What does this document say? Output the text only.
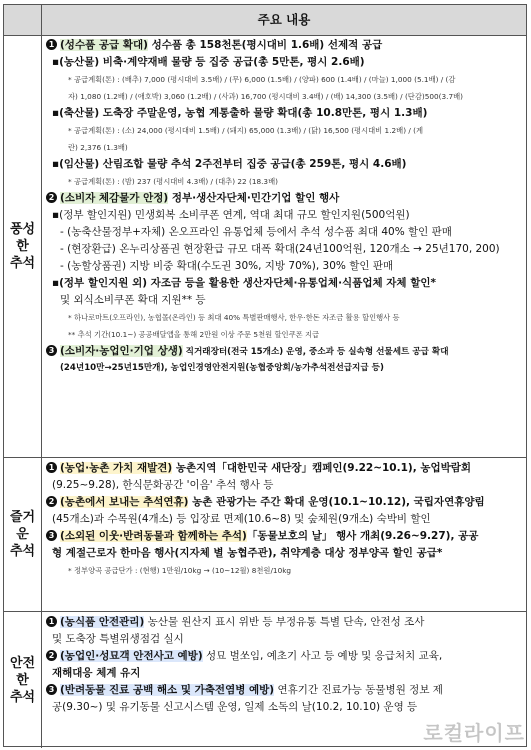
주요 내용
풍성
한
추석
1 (성수품 공급 확대) 성수품 총 158천톤(평시대비 1.6배) 선제적 공급
▪(농산물) 비축·계약재배 물량 등 집중 공급(총 5만톤, 평시 2.6배)
* 공급계획(톤) : (배추) 7,000 (평시대비 3.5배) / (무) 6,000 (1.5배) / (양파) 600 (1.4배) / (마늘) 1,000 (5.1배) / (감
자) 1,080 (1.2배) / (애호박) 3,060 (1.2배) / (사과) 16,700 (평시대비 3.4배) / (배) 14,300 (3.5배) / (단감)500(3.7배)
▪(축산물) 도축장 주말운영, 농협 계통출하 물량 확대(총 10.8만톤, 평시 1.3배)
* 공급계획(톤) : (소) 24,000 (평시대비 1.5배) / (돼지) 65,000 (1.3배) / (닭) 16,500 (평시대비 1.2배) / (계
란) 2,376 (1.3배)
▪(임산물) 산림조합 물량 추석 2주전부터 집중 공급(총 259톤, 평시 4.6배)
* 공급계획(톤) : (밤) 237 (평시대비 4.3배) / (대추) 22 (18.3배)
2 (소비자 체감물가 안정) 정부·생산자단체·민간기업 할인 행사
▪(정부 할인지원) 민생회복 소비쿠폰 연계, 역대 최대 규모 할인지원(500억원)
- (농축산물정부+자체) 온오프라인 유통업체 등에서 추석 성수품 최대 40% 할인 판매
- (현장환급) 온누리상품권 현장환급 규모 대폭 확대(24년100억원, 120개소 → 25년170, 200)
- (농할상품권) 지방 비중 확대(수도권 30%, 지방 70%), 30% 할인 판매
▪(정부 할인지원 외) 자조금 등을 활용한 생산자단체·유통업체·식품업체 자체 할인*
및 외식소비쿠폰 확대 지원** 등
* 하나로마트(오프라인), 농협몰(온라인) 등 최대 40% 특별판매행사, 한우·한돈 자조금 활용 할인행사 등
** 추석 기간(10.1~) 공공배달앱을 통해 2만원 이상 주문 5천원 할인쿠폰 지급
3 (소비자·농업인·기업 상생) 직거래장터(전국 15개소) 운영, 중소과 등 실속형 선물세트 공급 확대
(24년10만→25년15만개), 농업인경영안전지원(농협중앙회/농가추석전선급지급 등)
즐거
운
추석
1 (농업·농촌 가치 재발견) 농촌지역「대한민국 새단장」캠페인(9.22~10.1), 농업박람회
(9.25~9.28), 한식문화공간 '이음' 추석 행사 등
2 (농촌에서 보내는 추석연휴) 농촌 관광가는 주간 확대 운영(10.1~10.12), 국립자연휴양림
(45개소)과 수목원(4개소) 등 입장료 면제(10.6~8) 및 숲체원(9개소) 숙박비 할인
3 (소외된 이웃·반려동물과 함께하는 추석)「동물보호의 날」 행사 개최(9.26~9.27), 공공
형 계절근로자 한마음 행사(지자체 별 농협주관), 취약계층 대상 정부양곡 할인 공급*
* 정부양곡 공급단가 : (현행) 1만원/10kg → (10~12월) 8천원/10kg
안전
한
추석
1 (농식품 안전관리) 농산물 원산지 표시 위반 등 부정유통 특별 단속, 안전성 조사
및 도축장 특별위생점검 실시
2 (농업인·성묘객 안전사고 예방) 성묘 벌쏘임, 예초기 사고 등 예방 및 응급처치 교육,
재해대응 체계 유지
3 (반려동물 진료 공백 해소 및 가축전염병 예방) 연휴기간 진료가능 동물병원 정보 제
공(9.30~) 및 유기동물 신고시스템 운영, 일제 소독의 날(10.2, 10.10) 운영 등
로컬라이프
